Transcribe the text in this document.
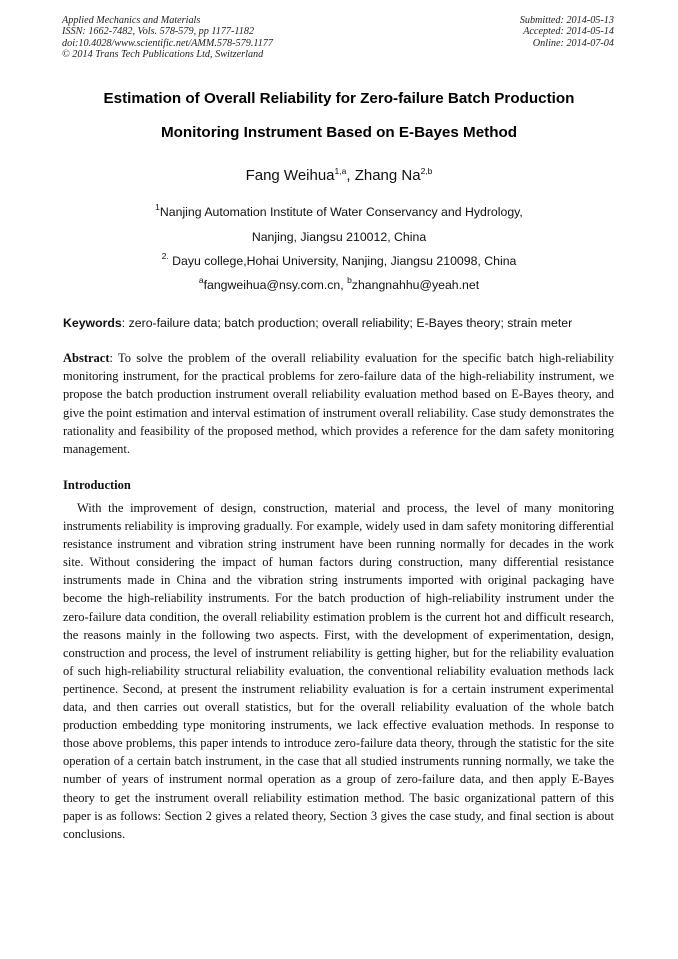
Applied Mechanics and Materials
ISSN: 1662-7482, Vols. 578-579, pp 1177-1182
doi:10.4028/www.scientific.net/AMM.578-579.1177
© 2014 Trans Tech Publications Ltd, Switzerland
Submitted: 2014-05-13
Accepted: 2014-05-14
Online: 2014-07-04
Estimation of Overall Reliability for Zero-failure Batch Production
Monitoring Instrument Based on E-Bayes Method
Fang Weihua$^{1,a}$, Zhang Na$^{2,b}$
$^1$Nanjing Automation Institute of Water Conservancy and Hydrology,
Nanjing, Jiangsu 210012, China
$^{2.}$ Dayu college,Hohai University, Nanjing, Jiangsu 210098, China
$^a$fangweihua@nsy.com.cn, $^b$zhangnahhu@yeah.net
Keywords: zero-failure data; batch production; overall reliability; E-Bayes theory; strain meter
Abstract: To solve the problem of the overall reliability evaluation for the specific batch high-reliability monitoring instrument, for the practical problems for zero-failure data of the high-reliability instrument, we propose the batch production instrument overall reliability evaluation method based on E-Bayes theory, and give the point estimation and interval estimation of instrument overall reliability. Case study demonstrates the rationality and feasibility of the proposed method, which provides a reference for the dam safety monitoring management.
Introduction
With the improvement of design, construction, material and process, the level of many monitoring instruments reliability is improving gradually. For example, widely used in dam safety monitoring differential resistance instrument and vibration string instrument have been running normally for decades in the work site. Without considering the impact of human factors during construction, many differential resistance instruments made in China and the vibration string instruments imported with original packaging have become the high-reliability instruments. For the batch production of high-reliability instrument under the zero-failure data condition, the overall reliability estimation problem is the current hot and difficult research, the reasons mainly in the following two aspects. First, with the development of experimentation, design, construction and process, the level of instrument reliability is getting higher, but for the reliability evaluation of such high-reliability structural reliability evaluation, the conventional reliability evaluation methods lack pertinence. Second, at present the instrument reliability evaluation is for a certain instrument experimental data, and then carries out overall statistics, but for the overall reliability evaluation of the whole batch production embedding type monitoring instruments, we lack effective evaluation methods. In response to those above problems, this paper intends to introduce zero-failure data theory, through the statistic for the site operation of a certain batch instrument, in the case that all studied instruments running normally, we take the number of years of instrument normal operation as a group of zero-failure data, and then apply E-Bayes theory to get the instrument overall reliability estimation method. The basic organizational pattern of this paper is as follows: Section 2 gives a related theory, Section 3 gives the case study, and final section is about conclusions.
